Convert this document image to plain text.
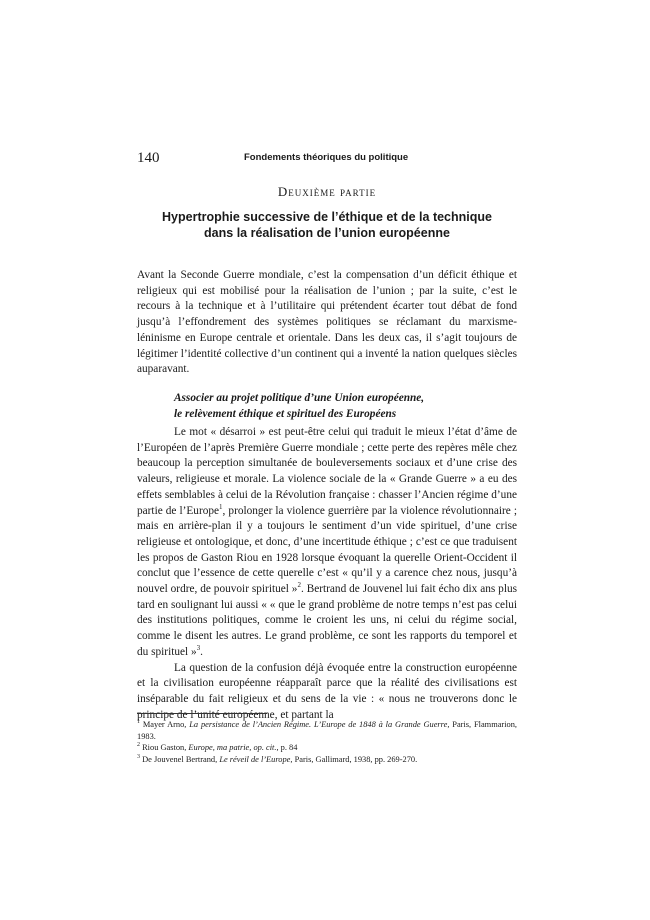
140	Fondements théoriques du politique
Deuxième partie
Hypertrophie successive de l’éthique et de la technique
dans la réalisation de l’union européenne

Avant la Seconde Guerre mondiale, c’est la compensation d’un déficit éthique et religieux qui est mobilisé pour la réalisation de l’union ; par la suite, c’est le recours à la technique et à l’utilitaire qui prétendent écarter tout débat de fond jusqu’à l’effondrement des systèmes politiques se réclamant du marxisme-léninisme en Europe centrale et orientale. Dans les deux cas, il s’agit toujours de légitimer l’identité collective d’un continent qui a inventé la nation quelques siècles auparavant.

Associer au projet politique d’une Union européenne,
le relèvement éthique et spirituel des Européens

Le mot « désarroi » est peut-être celui qui traduit le mieux l’état d’âme de l’Européen de l’après Première Guerre mondiale ; cette perte des repères mêle chez beaucoup la perception simultanée de bouleversements sociaux et d’une crise des valeurs, religieuse et morale. La violence sociale de la « Grande Guerre » a eu des effets semblables à celui de la Révolution française : chasser l’Ancien régime d’une partie de l’Europe$^1$, prolonger la violence guerrière par la violence révolutionnaire ; mais en arrière-plan il y a toujours le sentiment d’un vide spirituel, d’une crise religieuse et ontologique, et donc, d’une incertitude éthique ; c’est ce que traduisent les propos de Gaston Riou en 1928 lorsque évoquant la querelle Orient-Occident il conclut que l’essence de cette querelle c’est « qu’il y a carence chez nous, jusqu’à nouvel ordre, de pouvoir spirituel »$^2$. Bertrand de Jouvenel lui fait écho dix ans plus tard en soulignant lui aussi « « que le grand problème de notre temps n’est pas celui des institutions politiques, comme le croient les uns, ni celui du régime social, comme le disent les autres. Le grand problème, ce sont les rapports du temporel et du spirituel »$^3$.

La question de la confusion déjà évoquée entre la construction européenne et la civilisation européenne réapparaît parce que la réalité des civilisations est inséparable du fait religieux et du sens de la vie : « nous ne trouverons donc le principe de l’unité européenne, et partant la

$^1$ Mayer Arno, La persistance de l’Ancien Régime. L’Europe de 1848 à la Grande Guerre, Paris, Flammarion, 1983.
$^2$ Riou Gaston, Europe, ma patrie, op. cit., p. 84
$^3$ De Jouvenel Bertrand, Le réveil de l’Europe, Paris, Gallimard, 1938, pp. 269-270.
